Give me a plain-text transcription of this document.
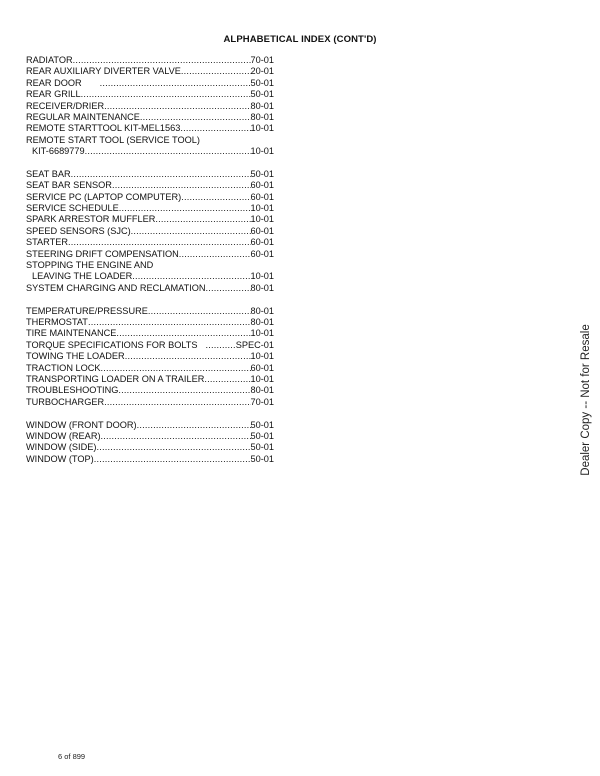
ALPHABETICAL INDEX (CONT'D)
RADIATOR .....	70-01
REAR AUXILIARY DIVERTER VALVE .....	20-01
REAR DOOR .....	50-01
REAR GRILL .....	50-01
RECEIVER/DRIER .....	80-01
REGULAR MAINTENANCE .....	80-01
REMOTE STARTTOOL KIT-MEL1563 .....	10-01
REMOTE START TOOL (SERVICE TOOL)
KIT-6689779 .....	10-01
SEAT BAR .....	50-01
SEAT BAR SENSOR .....	60-01
SERVICE PC (LAPTOP COMPUTER) .....	60-01
SERVICE SCHEDULE .....	10-01
SPARK ARRESTOR MUFFLER .....	10-01
SPEED SENSORS (SJC) .....	60-01
STARTER .....	60-01
STEERING DRIFT COMPENSATION .....	60-01
STOPPING THE ENGINE AND
LEAVING THE LOADER .....	10-01
SYSTEM CHARGING AND RECLAMATION .....	80-01
TEMPERATURE/PRESSURE .....	80-01
THERMOSTAT .....	80-01
TIRE MAINTENANCE .....	10-01
TORQUE SPECIFICATIONS FOR BOLTS .....	SPEC-01
TOWING THE LOADER .....	10-01
TRACTION LOCK .....	60-01
TRANSPORTING LOADER ON A TRAILER .....	10-01
TROUBLESHOOTING .....	80-01
TURBOCHARGER .....	70-01
WINDOW (FRONT DOOR) .....	50-01
WINDOW (REAR) .....	50-01
WINDOW (SIDE) .....	50-01
WINDOW (TOP) .....	50-01	Dealer Copy -- Not for Resale
6 of 899
